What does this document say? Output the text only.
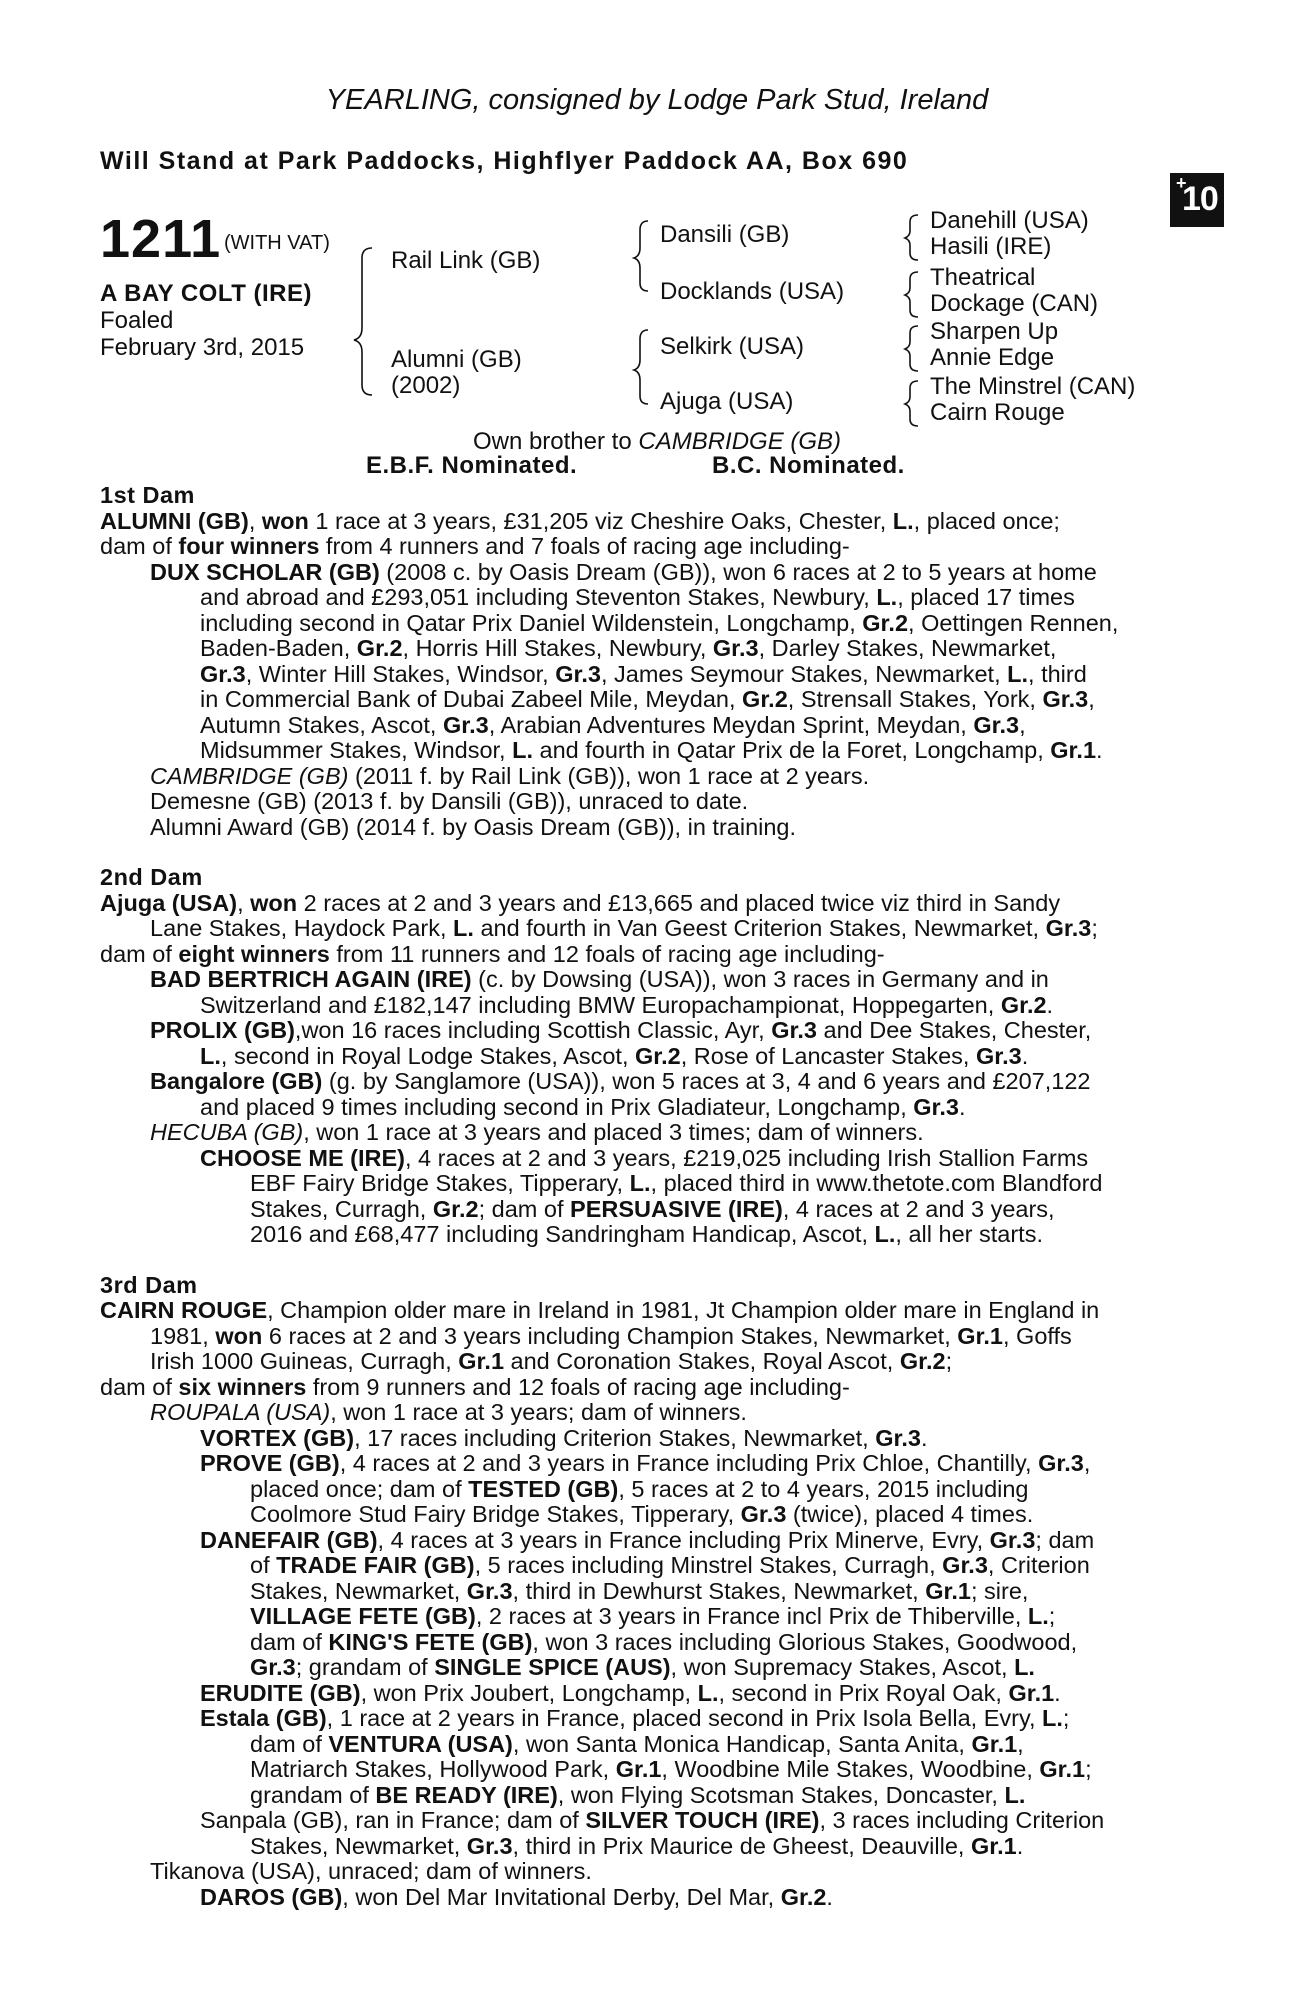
YEARLING, consigned by Lodge Park Stud, Ireland
Will Stand at Park Paddocks, Highflyer Paddock AA, Box 690
+
10
1211 (WITH VAT)
A BAY COLT (IRE)
Foaled
February 3rd, 2015
Rail Link (GB)
Alumni (GB)
(2002)
Dansili (GB)
Docklands (USA)
Selkirk (USA)
Ajuga (USA)
Danehill (USA)
Hasili (IRE)
Theatrical
Dockage (CAN)
Sharpen Up
Annie Edge
The Minstrel (CAN)
Cairn Rouge
Own brother to CAMBRIDGE (GB)
E.B.F. Nominated.	B.C. Nominated.

1st Dam

ALUMNI (GB), won 1 race at 3 years, £31,205 viz Cheshire Oaks, Chester, L., placed once;

dam of four winners from 4 runners and 7 foals of racing age including-

DUX SCHOLAR (GB) (2008 c. by Oasis Dream (GB)), won 6 races at 2 to 5 years at home

and abroad and £293,051 including Steventon Stakes, Newbury, L., placed 17 times

including second in Qatar Prix Daniel Wildenstein, Longchamp, Gr.2, Oettingen Rennen,

Baden-Baden, Gr.2, Horris Hill Stakes, Newbury, Gr.3, Darley Stakes, Newmarket,

Gr.3, Winter Hill Stakes, Windsor, Gr.3, James Seymour Stakes, Newmarket, L., third

in Commercial Bank of Dubai Zabeel Mile, Meydan, Gr.2, Strensall Stakes, York, Gr.3,

Autumn Stakes, Ascot, Gr.3, Arabian Adventures Meydan Sprint, Meydan, Gr.3,

Midsummer Stakes, Windsor, L. and fourth in Qatar Prix de la Foret, Longchamp, Gr.1.

CAMBRIDGE (GB) (2011 f. by Rail Link (GB)), won 1 race at 2 years.

Demesne (GB) (2013 f. by Dansili (GB)), unraced to date.

Alumni Award (GB) (2014 f. by Oasis Dream (GB)), in training.

2nd Dam

Ajuga (USA), won 2 races at 2 and 3 years and £13,665 and placed twice viz third in Sandy

Lane Stakes, Haydock Park, L. and fourth in Van Geest Criterion Stakes, Newmarket, Gr.3;

dam of eight winners from 11 runners and 12 foals of racing age including-

BAD BERTRICH AGAIN (IRE) (c. by Dowsing (USA)), won 3 races in Germany and in

Switzerland and £182,147 including BMW Europachampionat, Hoppegarten, Gr.2.

PROLIX (GB),won 16 races including Scottish Classic, Ayr, Gr.3 and Dee Stakes, Chester,

L., second in Royal Lodge Stakes, Ascot, Gr.2, Rose of Lancaster Stakes, Gr.3.

Bangalore (GB) (g. by Sanglamore (USA)), won 5 races at 3, 4 and 6 years and £207,122

and placed 9 times including second in Prix Gladiateur, Longchamp, Gr.3.

HECUBA (GB), won 1 race at 3 years and placed 3 times; dam of winners.

CHOOSE ME (IRE), 4 races at 2 and 3 years, £219,025 including Irish Stallion Farms

EBF Fairy Bridge Stakes, Tipperary, L., placed third in www.thetote.com Blandford

Stakes, Curragh, Gr.2; dam of PERSUASIVE (IRE), 4 races at 2 and 3 years,

2016 and £68,477 including Sandringham Handicap, Ascot, L., all her starts.

3rd Dam

CAIRN ROUGE, Champion older mare in Ireland in 1981, Jt Champion older mare in England in

1981, won 6 races at 2 and 3 years including Champion Stakes, Newmarket, Gr.1, Goffs

Irish 1000 Guineas, Curragh, Gr.1 and Coronation Stakes, Royal Ascot, Gr.2;

dam of six winners from 9 runners and 12 foals of racing age including-

ROUPALA (USA), won 1 race at 3 years; dam of winners.

VORTEX (GB), 17 races including Criterion Stakes, Newmarket, Gr.3.

PROVE (GB), 4 races at 2 and 3 years in France including Prix Chloe, Chantilly, Gr.3,

placed once; dam of TESTED (GB), 5 races at 2 to 4 years, 2015 including

Coolmore Stud Fairy Bridge Stakes, Tipperary, Gr.3 (twice), placed 4 times.

DANEFAIR (GB), 4 races at 3 years in France including Prix Minerve, Evry, Gr.3; dam

of TRADE FAIR (GB), 5 races including Minstrel Stakes, Curragh, Gr.3, Criterion

Stakes, Newmarket, Gr.3, third in Dewhurst Stakes, Newmarket, Gr.1; sire,

VILLAGE FETE (GB), 2 races at 3 years in France incl Prix de Thiberville, L.;

dam of KING'S FETE (GB), won 3 races including Glorious Stakes, Goodwood,

Gr.3; grandam of SINGLE SPICE (AUS), won Supremacy Stakes, Ascot, L.

ERUDITE (GB), won Prix Joubert, Longchamp, L., second in Prix Royal Oak, Gr.1.

Estala (GB), 1 race at 2 years in France, placed second in Prix Isola Bella, Evry, L.;

dam of VENTURA (USA), won Santa Monica Handicap, Santa Anita, Gr.1,

Matriarch Stakes, Hollywood Park, Gr.1, Woodbine Mile Stakes, Woodbine, Gr.1;

grandam of BE READY (IRE), won Flying Scotsman Stakes, Doncaster, L.

Sanpala (GB), ran in France; dam of SILVER TOUCH (IRE), 3 races including Criterion

Stakes, Newmarket, Gr.3, third in Prix Maurice de Gheest, Deauville, Gr.1.

Tikanova (USA), unraced; dam of winners.

DAROS (GB), won Del Mar Invitational Derby, Del Mar, Gr.2.
